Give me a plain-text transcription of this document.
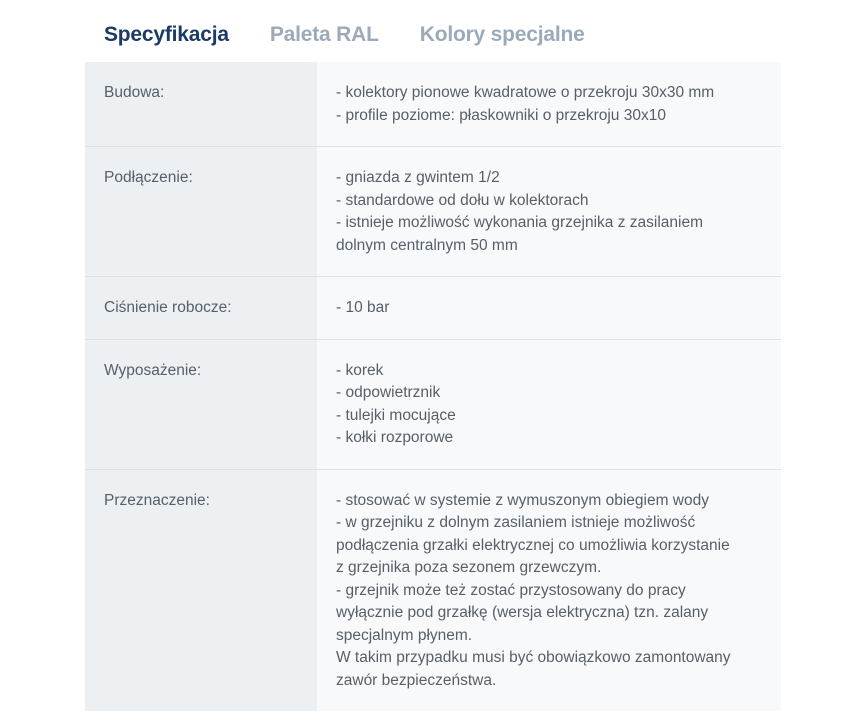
Specyfikacja Paleta RAL Kolory specjalne
Budowa:	- kolektory pionowe kwadratowe o przekroju 30x30 mm
- profile poziome: płaskowniki o przekroju 30x10
Podłączenie:	- gniazda z gwintem 1/2
- standardowe od dołu w kolektorach
- istnieje możliwość wykonania grzejnika z zasilaniem
dolnym centralnym 50 mm
Ciśnienie robocze:	- 10 bar
Wyposażenie:	- korek
- odpowietrznik
- tulejki mocujące
- kołki rozporowe
Przeznaczenie:	- stosować w systemie z wymuszonym obiegiem wody
- w grzejniku z dolnym zasilaniem istnieje możliwość
podłączenia grzałki elektrycznej co umożliwia korzystanie
z grzejnika poza sezonem grzewczym.
- grzejnik może też zostać przystosowany do pracy
wyłącznie pod grzałkę (wersja elektryczna) tzn. zalany
specjalnym płynem.
W takim przypadku musi być obowiązkowo zamontowany
zawór bezpieczeństwa.
